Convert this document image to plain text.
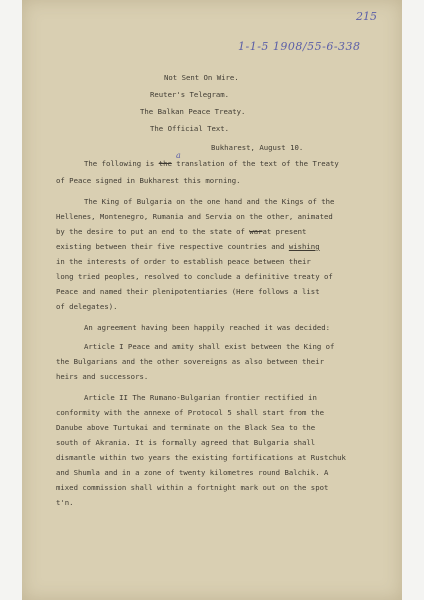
215
1-1-5 1908/55-6-338
Not Sent On Wire.
Reuter's Telegram.
The Balkan Peace Treaty.
The Official Text.
Bukharest, August 10.
a
The following is the translation of the text of the Treaty
of Peace signed in Bukharest this morning.
The King of Bulgaria on the one hand and the Kings of the
Hellenes, Montenegro, Rumania and Servia on the other, animated
by the desire to put an end to the state of warat present
existing between their five respective countries and wishing
in the interests of order to establish peace between their
long tried peoples, resolved to conclude a definitive treaty of
Peace and named their plenipotentiaries (Here follows a list
of delegates).
An agreement having been happily reached it was decided:
Article I Peace and amity shall exist between the King of
the Bulgarians and the other sovereigns as also between their
heirs and successors.
Article II The Rumano-Bulgarian frontier rectified in
conformity with the annexe of Protocol 5 shall start from the
Danube above Turtukai and terminate on the Black Sea to the
south of Akrania. It is formally agreed that Bulgaria shall
dismantle within two years the existing fortifications at Rustchuk
and Shumla and in a zone of twenty kilometres round Balchik. A
mixed commission shall within a fortnight mark out on the spot
t'n.
